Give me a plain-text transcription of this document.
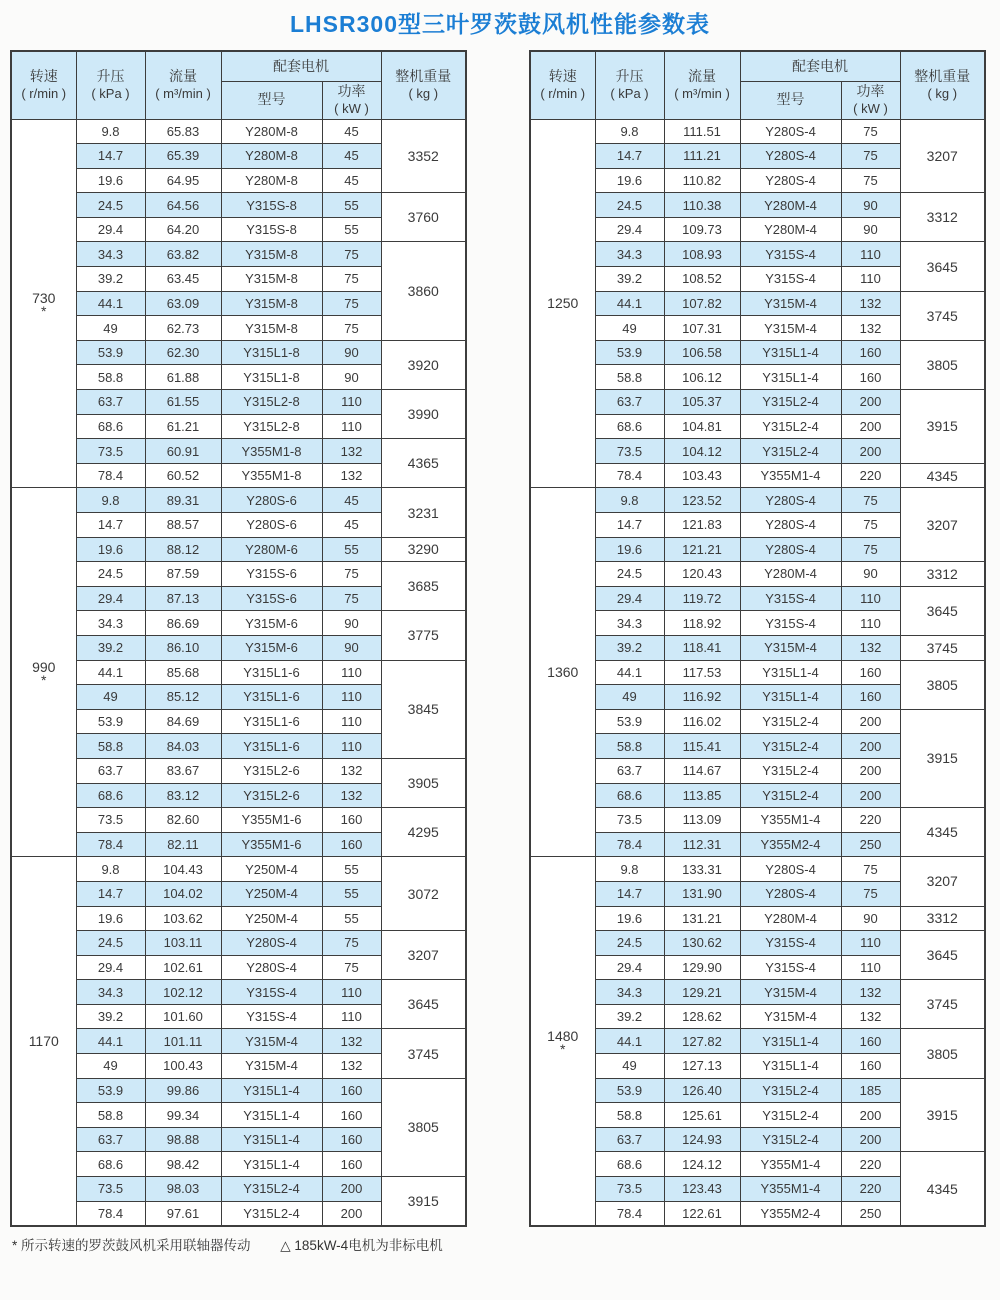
LHSR300型三叶罗茨鼓风机性能参数表
转速
( r/min )	升压
( kPa )	流量
( m³/min )	配套电机		整机重量
( kg )
			型号	功率
( kW )	

730
*	9.8	65.83	Y280M-8	45	3352
	14.7	65.39	Y280M-8	45	
	19.6	64.95	Y280M-8	45	
	24.5	64.56	Y315S-8	55	3760
	29.4	64.20	Y315S-8	55	
	34.3	63.82	Y315M-8	75	3860
	39.2	63.45	Y315M-8	75	
	44.1	63.09	Y315M-8	75	
	49	62.73	Y315M-8	75	
	53.9	62.30	Y315L1-8	90	3920
	58.8	61.88	Y315L1-8	90	
	63.7	61.55	Y315L2-8	110	3990
	68.6	61.21	Y315L2-8	110	
	73.5	60.91	Y355M1-8	132	4365
	78.4	60.52	Y355M1-8	132	

990
*	9.8	89.31	Y280S-6	45	3231
	14.7	88.57	Y280S-6	45	
	19.6	88.12	Y280M-6	55	3290
	24.5	87.59	Y315S-6	75	3685
	29.4	87.13	Y315S-6	75	
	34.3	86.69	Y315M-6	90	3775
	39.2	86.10	Y315M-6	90	
	44.1	85.68	Y315L1-6	110	3845
	49	85.12	Y315L1-6	110	
	53.9	84.69	Y315L1-6	110	
	58.8	84.03	Y315L1-6	110	
	63.7	83.67	Y315L2-6	132	3905
	68.6	83.12	Y315L2-6	132	
	73.5	82.60	Y355M1-6	160	4295
	78.4	82.11	Y355M1-6	160	

1170	9.8	104.43	Y250M-4	55	3072
	14.7	104.02	Y250M-4	55	
	19.6	103.62	Y250M-4	55	
	24.5	103.11	Y280S-4	75	3207
	29.4	102.61	Y280S-4	75	
	34.3	102.12	Y315S-4	110	3645
	39.2	101.60	Y315S-4	110	
	44.1	101.11	Y315M-4	132	3745
	49	100.43	Y315M-4	132	
	53.9	99.86	Y315L1-4	160	3805
	58.8	99.34	Y315L1-4	160	
	63.7	98.88	Y315L1-4	160	
	68.6	98.42	Y315L1-4	160	
	73.5	98.03	Y315L2-4	200	3915
	78.4	97.61	Y315L2-4	200	
转速
( r/min )	升压
( kPa )	流量
( m³/min )	配套电机		整机重量
( kg )
			型号	功率
( kW )	

1250	9.8	111.51	Y280S-4	75	3207
	14.7	111.21	Y280S-4	75	
	19.6	110.82	Y280S-4	75	
	24.5	110.38	Y280M-4	90	3312
	29.4	109.73	Y280M-4	90	
	34.3	108.93	Y315S-4	110	3645
	39.2	108.52	Y315S-4	110	
	44.1	107.82	Y315M-4	132	3745
	49	107.31	Y315M-4	132	
	53.9	106.58	Y315L1-4	160	3805
	58.8	106.12	Y315L1-4	160	
	63.7	105.37	Y315L2-4	200	3915
	68.6	104.81	Y315L2-4	200	
	73.5	104.12	Y315L2-4	200	
	78.4	103.43	Y355M1-4	220	4345

1360	9.8	123.52	Y280S-4	75	3207
	14.7	121.83	Y280S-4	75	
	19.6	121.21	Y280S-4	75	
	24.5	120.43	Y280M-4	90	3312
	29.4	119.72	Y315S-4	110	3645
	34.3	118.92	Y315S-4	110	
	39.2	118.41	Y315M-4	132	3745
	44.1	117.53	Y315L1-4	160	3805
	49	116.92	Y315L1-4	160	
	53.9	116.02	Y315L2-4	200	3915
	58.8	115.41	Y315L2-4	200	
	63.7	114.67	Y315L2-4	200	
	68.6	113.85	Y315L2-4	200	
	73.5	113.09	Y355M1-4	220	4345
	78.4	112.31	Y355M2-4	250	

1480
*	9.8	133.31	Y280S-4	75	3207
	14.7	131.90	Y280S-4	75	
	19.6	131.21	Y280M-4	90	3312
	24.5	130.62	Y315S-4	110	3645
	29.4	129.90	Y315S-4	110	
	34.3	129.21	Y315M-4	132	3745
	39.2	128.62	Y315M-4	132	
	44.1	127.82	Y315L1-4	160	3805
	49	127.13	Y315L1-4	160	
	53.9	126.40	Y315L2-4	185	3915
	58.8	125.61	Y315L2-4	200	
	63.7	124.93	Y315L2-4	200	
	68.6	124.12	Y355M1-4	220	4345
	73.5	123.43	Y355M1-4	220	
	78.4	122.61	Y355M2-4	250	
* 所示转速的罗茨鼓风机采用联轴器传动 △ 185kW-4电机为非标电机
